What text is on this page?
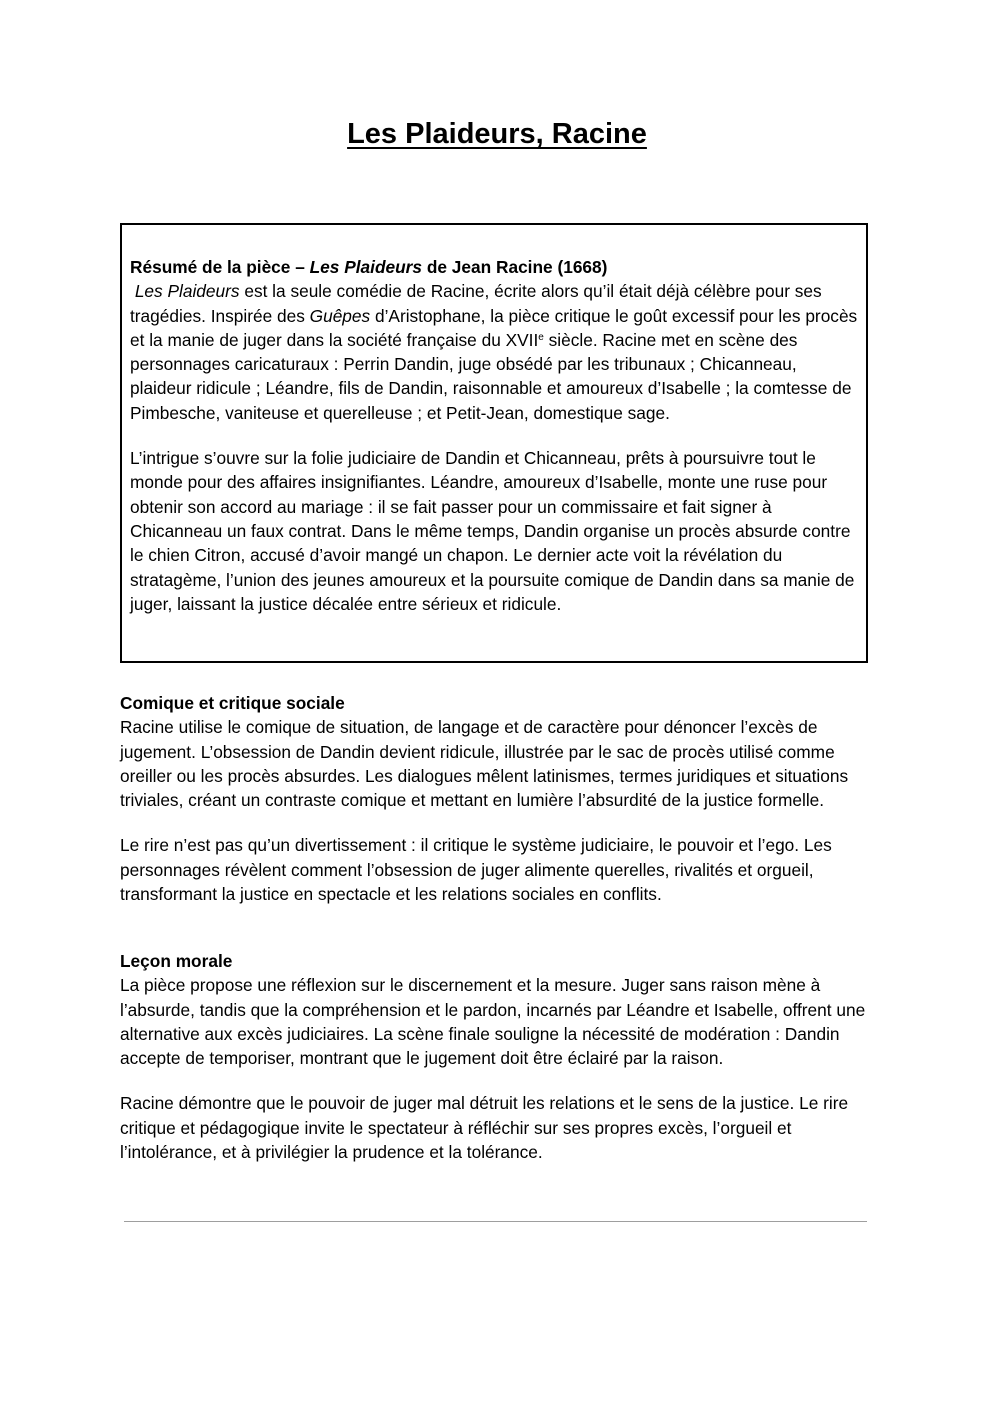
Les Plaideurs, Racine

Résumé de la pièce – Les Plaideurs de Jean Racine (1668)
Les Plaideurs est la seule comédie de Racine, écrite alors qu’il était déjà célèbre pour ses tragédies. Inspirée des Guêpes d’Aristophane, la pièce critique le goût excessif pour les procès et la manie de juger dans la société française du XVIIe siècle. Racine met en scène des personnages caricaturaux : Perrin Dandin, juge obsédé par les tribunaux ; Chicanneau, plaideur ridicule ; Léandre, fils de Dandin, raisonnable et amoureux d’Isabelle ; la comtesse de Pimbesche, vaniteuse et querelleuse ; et Petit-Jean, domestique sage.

L’intrigue s’ouvre sur la folie judiciaire de Dandin et Chicanneau, prêts à poursuivre tout le monde pour des affaires insignifiantes. Léandre, amoureux d’Isabelle, monte une ruse pour obtenir son accord au mariage : il se fait passer pour un commissaire et fait signer à Chicanneau un faux contrat. Dans le même temps, Dandin organise un procès absurde contre le chien Citron, accusé d’avoir mangé un chapon. Le dernier acte voit la révélation du stratagème, l’union des jeunes amoureux et la poursuite comique de Dandin dans sa manie de juger, laissant la justice décalée entre sérieux et ridicule.

Comique et critique sociale
Racine utilise le comique de situation, de langage et de caractère pour dénoncer l’excès de jugement. L’obsession de Dandin devient ridicule, illustrée par le sac de procès utilisé comme oreiller ou les procès absurdes. Les dialogues mêlent latinismes, termes juridiques et situations triviales, créant un contraste comique et mettant en lumière l’absurdité de la justice formelle.

Le rire n’est pas qu’un divertissement : il critique le système judiciaire, le pouvoir et l’ego. Les personnages révèlent comment l’obsession de juger alimente querelles, rivalités et orgueil, transformant la justice en spectacle et les relations sociales en conflits.

Leçon morale
La pièce propose une réflexion sur le discernement et la mesure. Juger sans raison mène à l’absurde, tandis que la compréhension et le pardon, incarnés par Léandre et Isabelle, offrent une alternative aux excès judiciaires. La scène finale souligne la nécessité de modération : Dandin accepte de temporiser, montrant que le jugement doit être éclairé par la raison.

Racine démontre que le pouvoir de juger mal détruit les relations et le sens de la justice. Le rire critique et pédagogique invite le spectateur à réfléchir sur ses propres excès, l’orgueil et l’intolérance, et à privilégier la prudence et la tolérance.
